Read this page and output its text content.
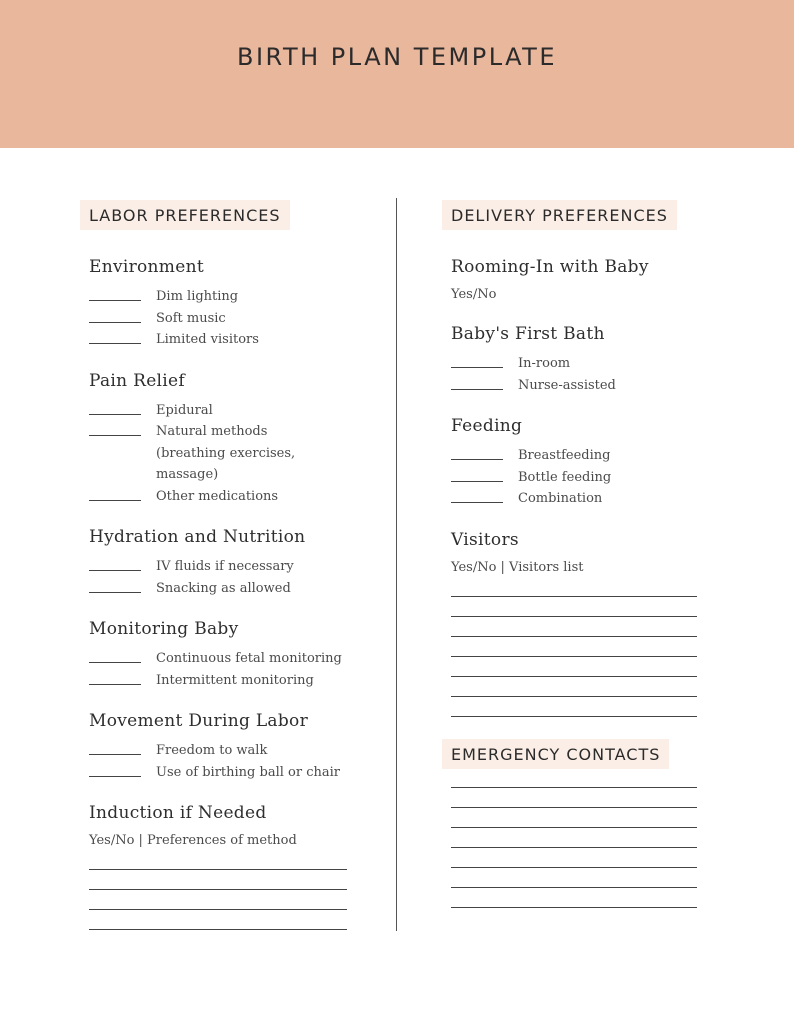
BIRTH PLAN TEMPLATE
LABOR PREFERENCES
Environment
Dim lighting
Soft music
Limited visitors
Pain Relief
Epidural
Natural methods (breathing exercises, massage)
Other medications
Hydration and Nutrition
IV fluids if necessary
Snacking as allowed
Monitoring Baby
Continuous fetal monitoring
Intermittent monitoring
Movement During Labor
Freedom to walk
Use of birthing ball or chair
Induction if Needed

Yes/No | Preferences of method

DELIVERY PREFERENCES
Rooming-In with Baby

Yes/No

Baby's First Bath
In-room
Nurse-assisted
Feeding
Breastfeeding
Bottle feeding
Combination
Visitors

Yes/No | Visitors list

EMERGENCY CONTACTS
